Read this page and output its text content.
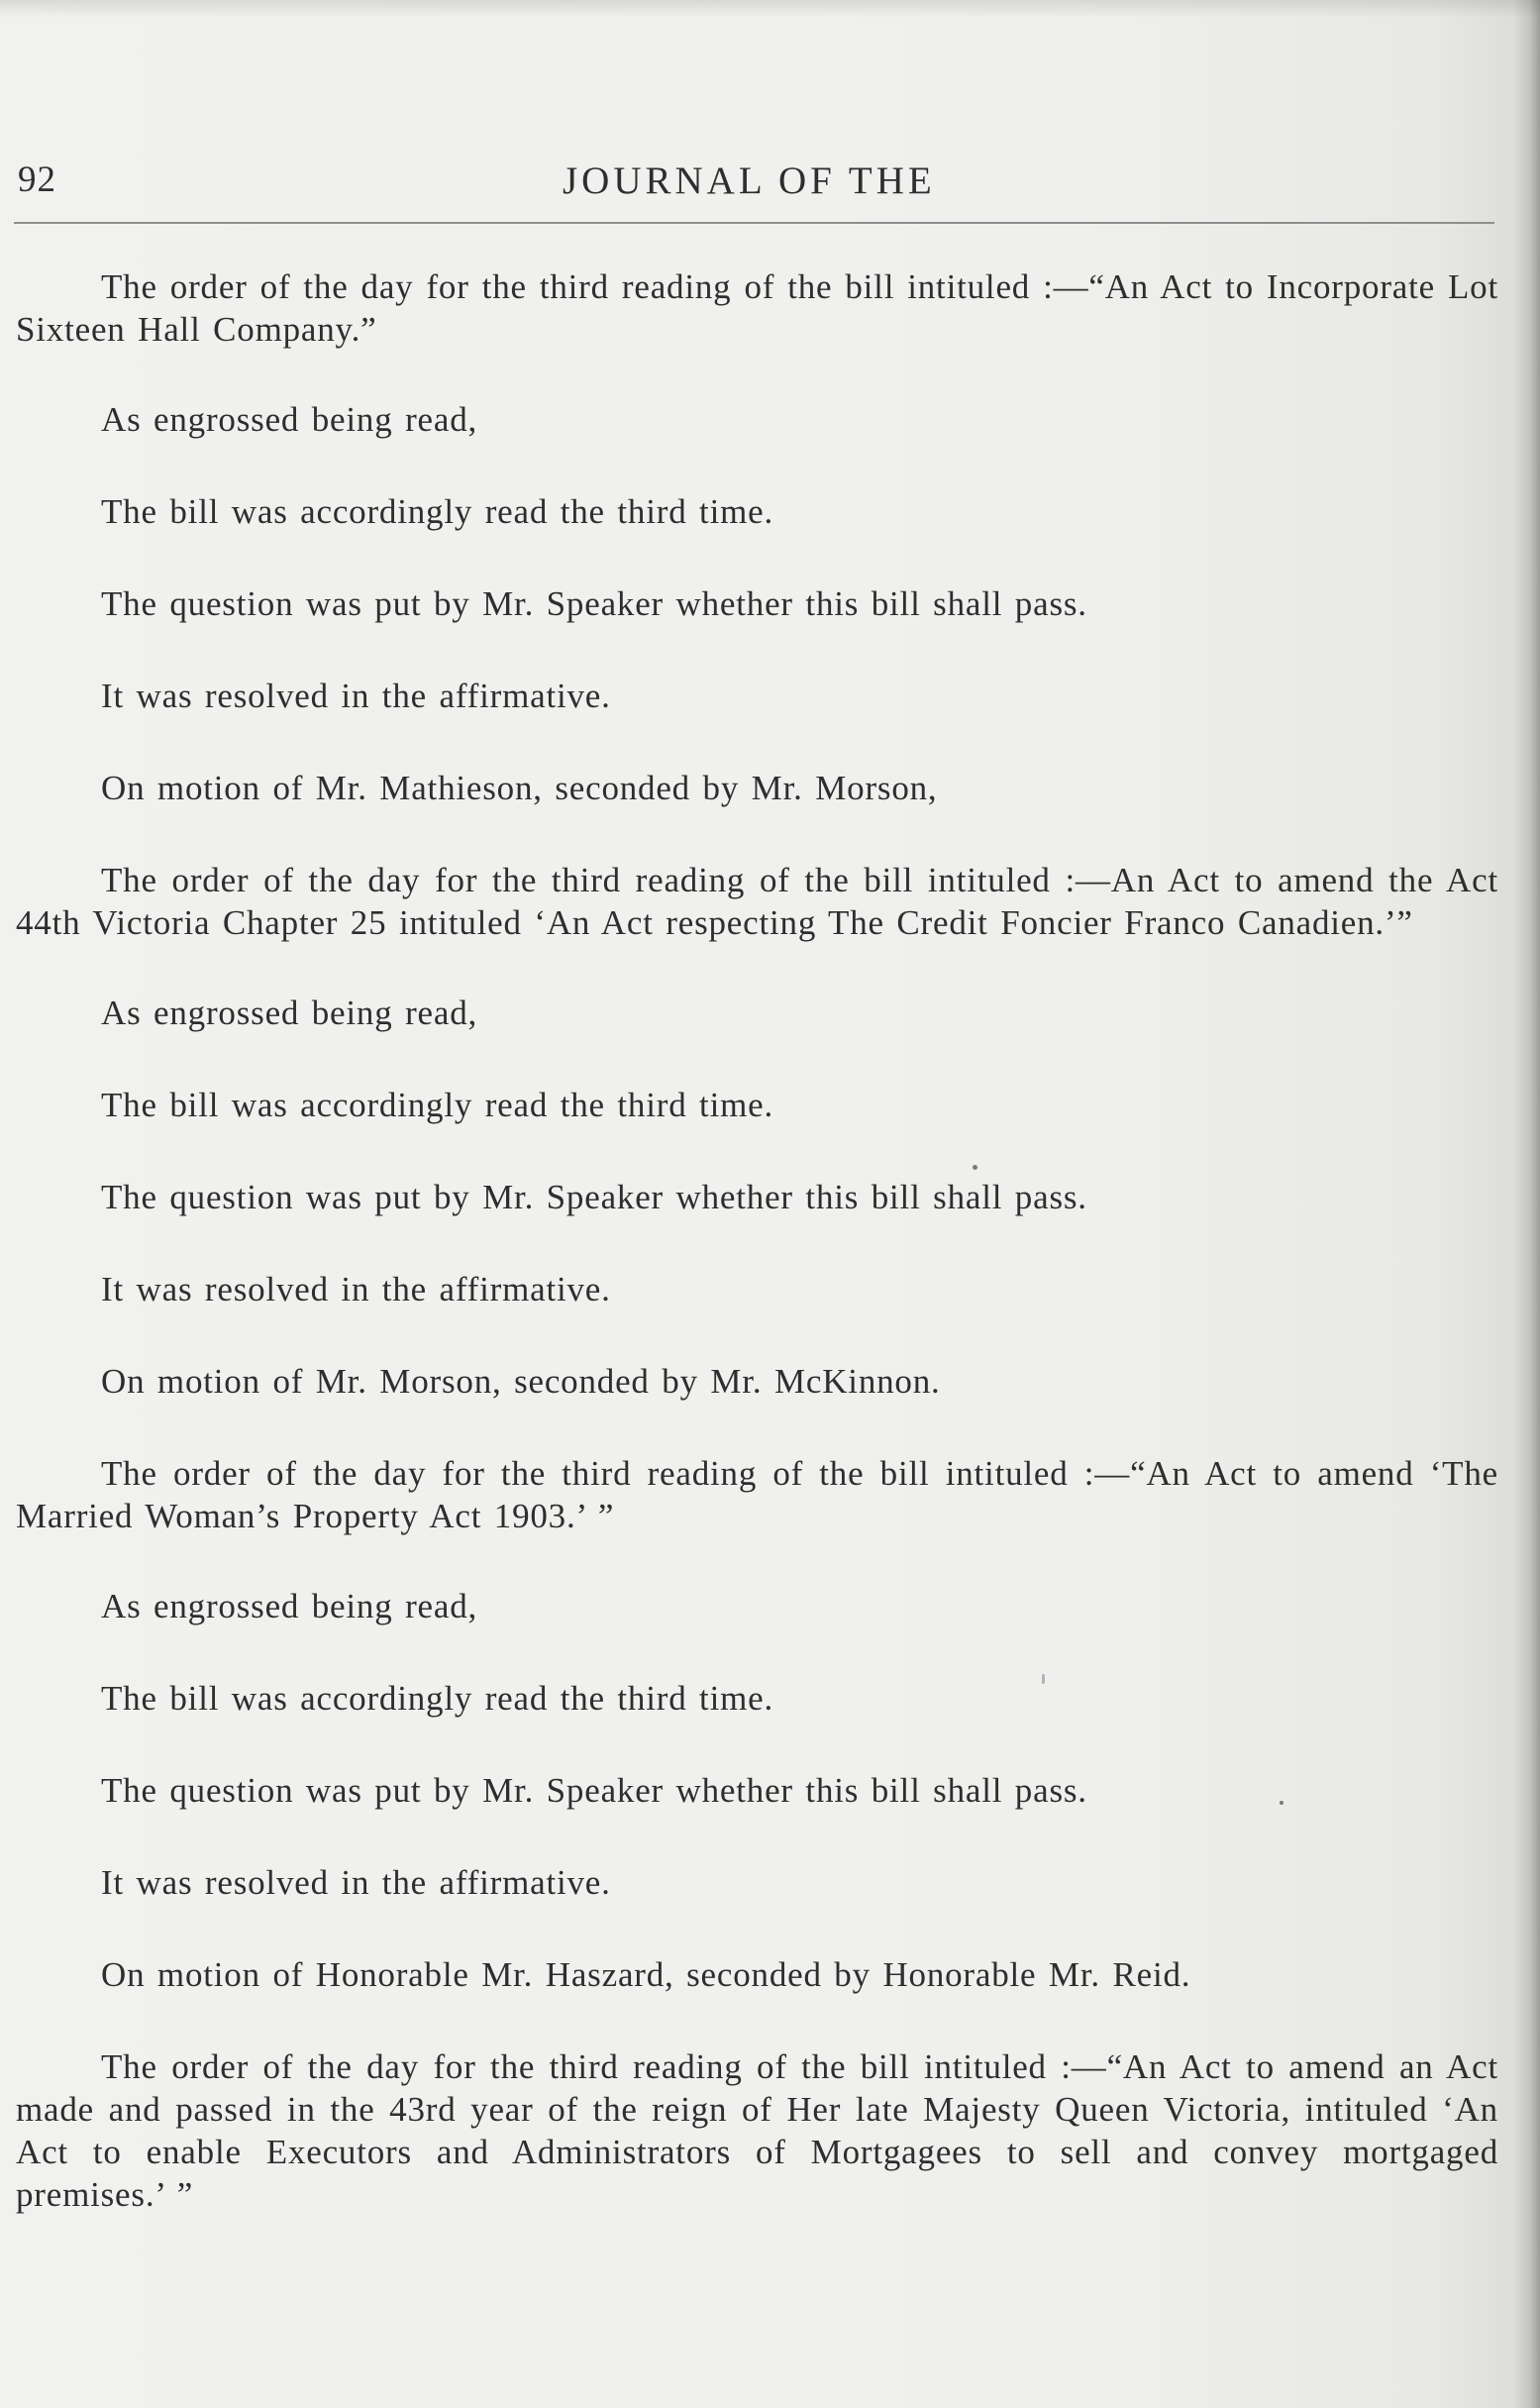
92	JOURNAL OF THE

The order of the day for the third reading of the bill intituled :—“An Act to Incorporate Lot Sixteen Hall Company.”

As engrossed being read,

The bill was accordingly read the third time.

The question was put by Mr. Speaker whether this bill shall pass.

It was resolved in the affirmative.

On motion of Mr. Mathieson, seconded by Mr. Morson,

The order of the day for the third reading of the bill intituled :—An Act to amend the Act 44th Victoria Chapter 25 intituled ‘An Act respecting The Credit Foncier Franco Canadien.’”

As engrossed being read,

The bill was accordingly read the third time.

The question was put by Mr. Speaker whether this bill shall pass.

It was resolved in the affirmative.

On motion of Mr. Morson, seconded by Mr. McKinnon.

The order of the day for the third reading of the bill intituled :—“An Act to amend ‘The Married Woman’s Property Act 1903.’ ”

As engrossed being read,

The bill was accordingly read the third time.

The question was put by Mr. Speaker whether this bill shall pass.

It was resolved in the affirmative.

On motion of Honorable Mr. Haszard, seconded by Honorable Mr. Reid.

The order of the day for the third reading of the bill intituled :—“An Act to amend an Act made and passed in the 43rd year of the reign of Her late Majesty Queen Victoria, intituled ‘An Act to enable Executors and Administrators of Mortgagees to sell and convey mortgaged premises.’ ”
